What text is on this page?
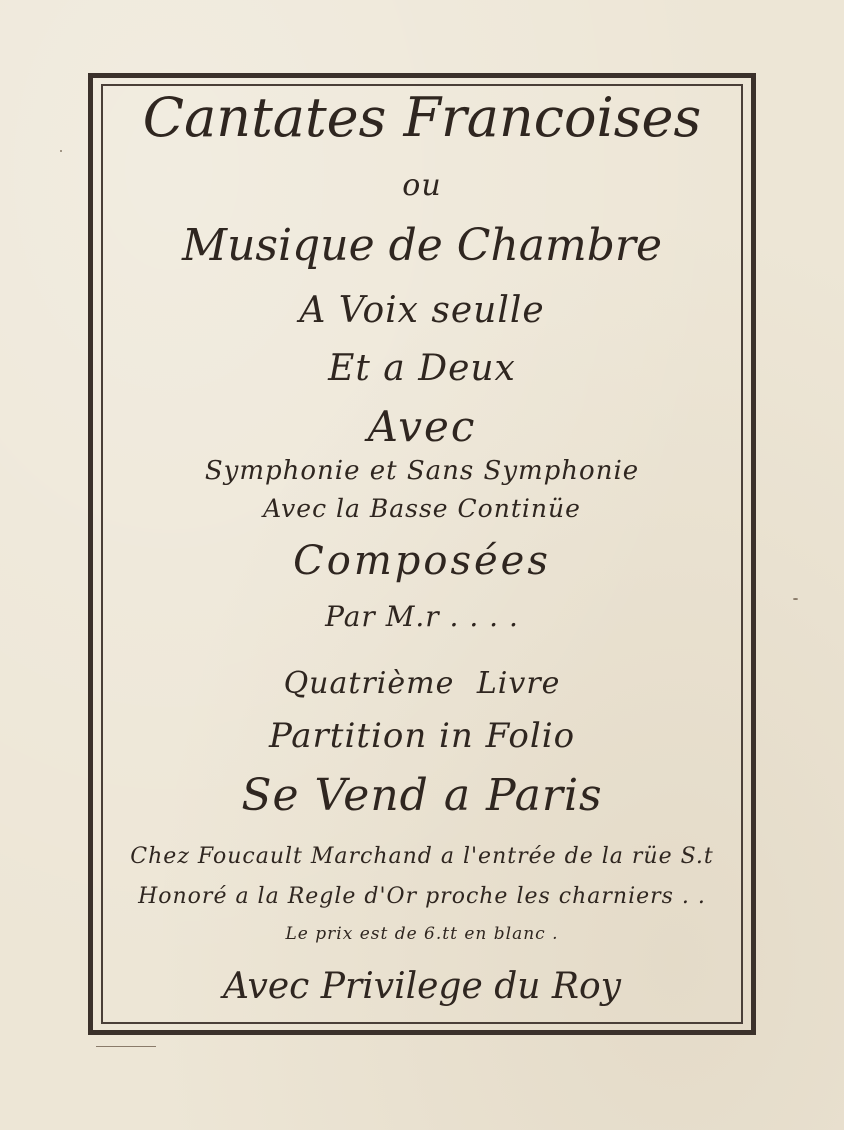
Cantates Francoises
ou
Musique de Chambre
A Voix seulle
Et a Deux
Avec
Symphonie et Sans Symphonie
Avec la Basse Continüe
Composées
Par M.r . . . .
Quatrième Livre
Partition in Folio
Se Vend a Paris
Chez Foucault Marchand a l'entrée de la rüe S.t
Honoré a la Regle d'Or proche les charniers . .
Le prix est de 6.tt en blanc .
Avec Privilege du Roy
